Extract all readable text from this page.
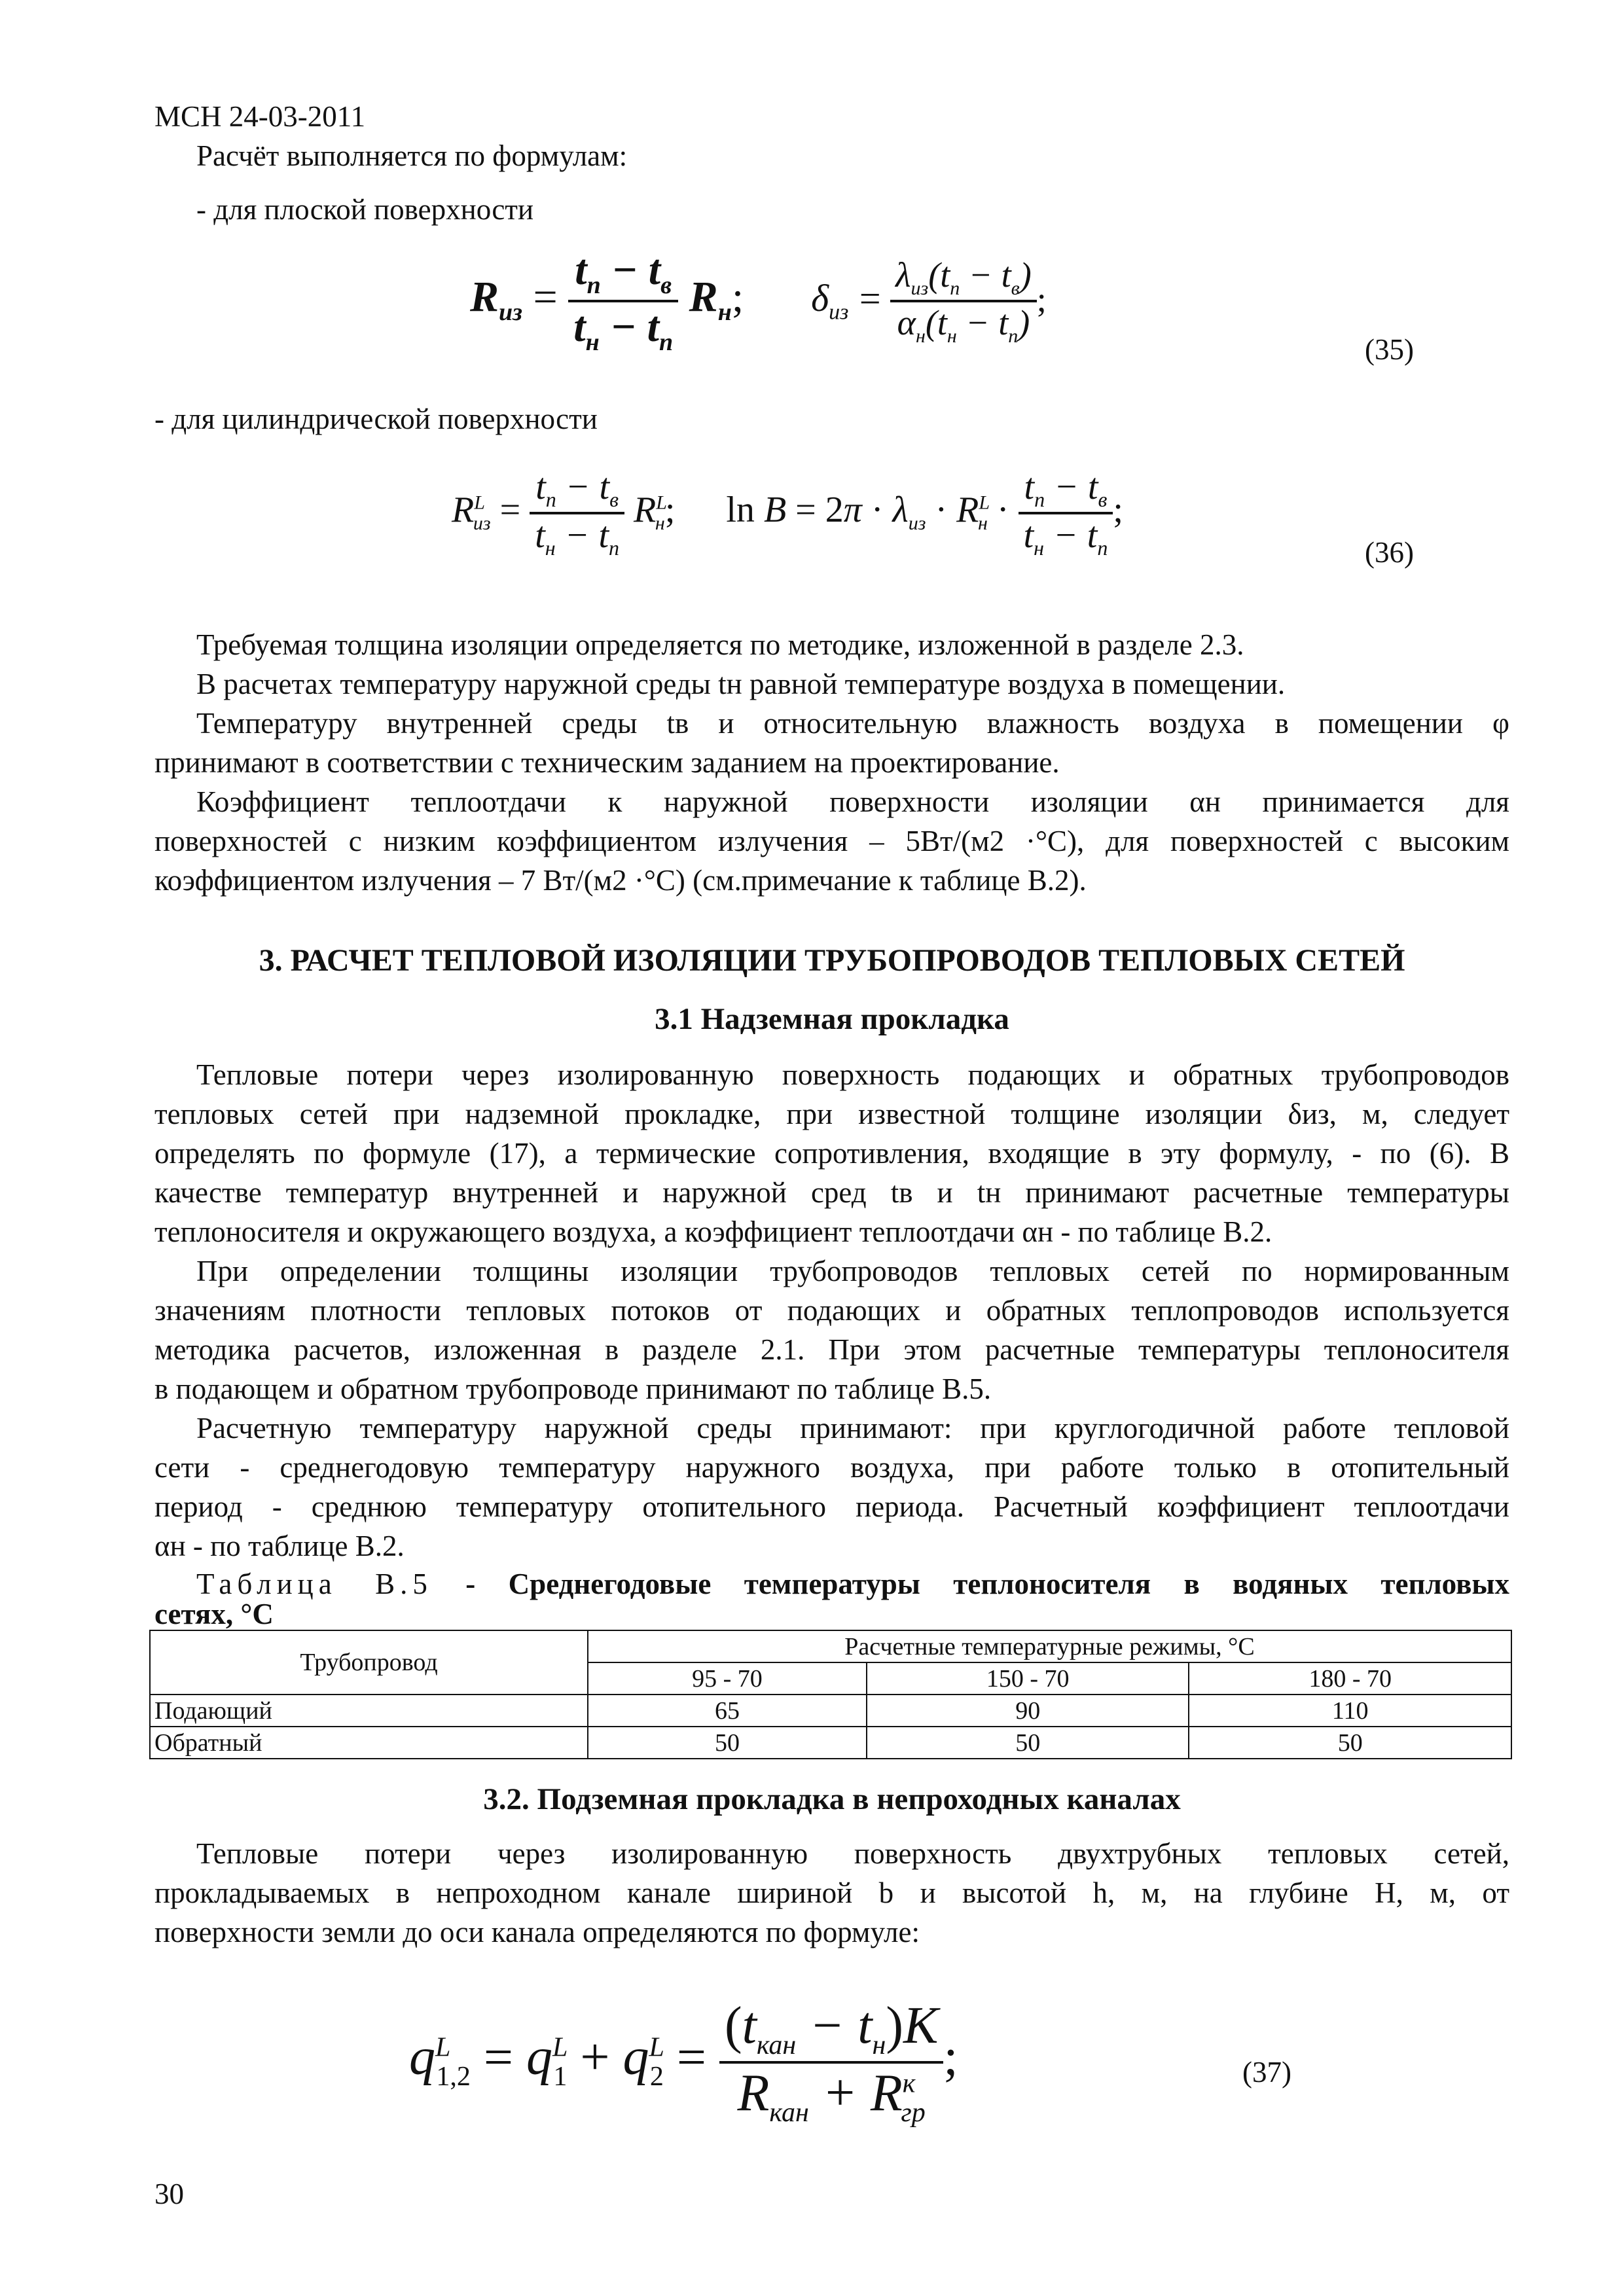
МСН 24-03-2011
Расчёт выполняется по формулам:
- для плоской поверхности
$R_{из} = \frac{t_п - t_в}{t_н - t_п} R_н$; $\delta_{из} = \frac{\lambda_{из}(t_п - t_в)}{\alpha_н(t_н - t_п)}$ ;
(35)
- для цилиндрической поверхности
$R^L_{из} = \frac{t_п - t_в}{t_н - t_п} R^L_н$; $\ln B = 2\pi \cdot \lambda_{из} \cdot R^L_н \cdot \frac{t_п - t_в}{t_н - t_п}$ ;
(36)
Требуемая толщина изоляции определяется по методике, изложенной в разделе 2.3.
В расчетах температуру наружной среды tн равной температуре воздуха в помещении.
Температуру внутренней среды tв и относительную влажность воздуха в помещении φ
принимают в соответствии с техническим заданием на проектирование.
Коэффициент теплоотдачи к наружной поверхности изоляции αн принимается для
поверхностей с низким коэффициентом излучения – 5Вт/(м2 ·°С), для поверхностей с высоким
коэффициентом излучения – 7 Вт/(м2 ·°С) (см.примечание к таблице В.2).
3. РАСЧЕТ ТЕПЛОВОЙ ИЗОЛЯЦИИ ТРУБОПРОВОДОВ ТЕПЛОВЫХ СЕТЕЙ
3.1 Надземная прокладка
Тепловые потери через изолированную поверхность подающих и обратных трубопроводов
тепловых сетей при надземной прокладке, при известной толщине изоляции δиз, м, следует
определять по формуле (17), а термические сопротивления, входящие в эту формулу, - по (6). В
качестве температур внутренней и наружной сред tв и tн принимают расчетные температуры
теплоносителя и окружающего воздуха, а коэффициент теплоотдачи αн - по таблице В.2.
При определении толщины изоляции трубопроводов тепловых сетей по нормированным
значениям плотности тепловых потоков от подающих и обратных теплопроводов используется
методика расчетов, изложенная в разделе 2.1. При этом расчетные температуры теплоносителя
в подающем и обратном трубопроводе принимают по таблице В.5.
Расчетную температуру наружной среды принимают: при круглогодичной работе тепловой
сети - среднегодовую температуру наружного воздуха, при работе только в отопительный
период - среднюю температуру отопительного периода. Расчетный коэффициент теплоотдачи
αн - по таблице В.2.
Таблица В.5 - Среднегодовые температуры теплоносителя в водяных тепловых
сетях, °С
Трубопровод	Расчетные температурные режимы, °С		
	95 - 70	150 - 70	180 - 70
Подающий	65	90	110
Обратный	50	50	50
3.2. Подземная прокладка в непроходных каналах
Тепловые потери через изолированную поверхность двухтрубных тепловых сетей,
прокладываемых в непроходном канале шириной b и высотой h, м, на глубине H, м, от
поверхности земли до оси канала определяются по формуле:
$q^L_{1,2} = q^L_1 + q^L_2 = \frac{(t_{кан} - t_н)K}{R_{кан} + R^к_{гр}}$ ;	(37)
30
